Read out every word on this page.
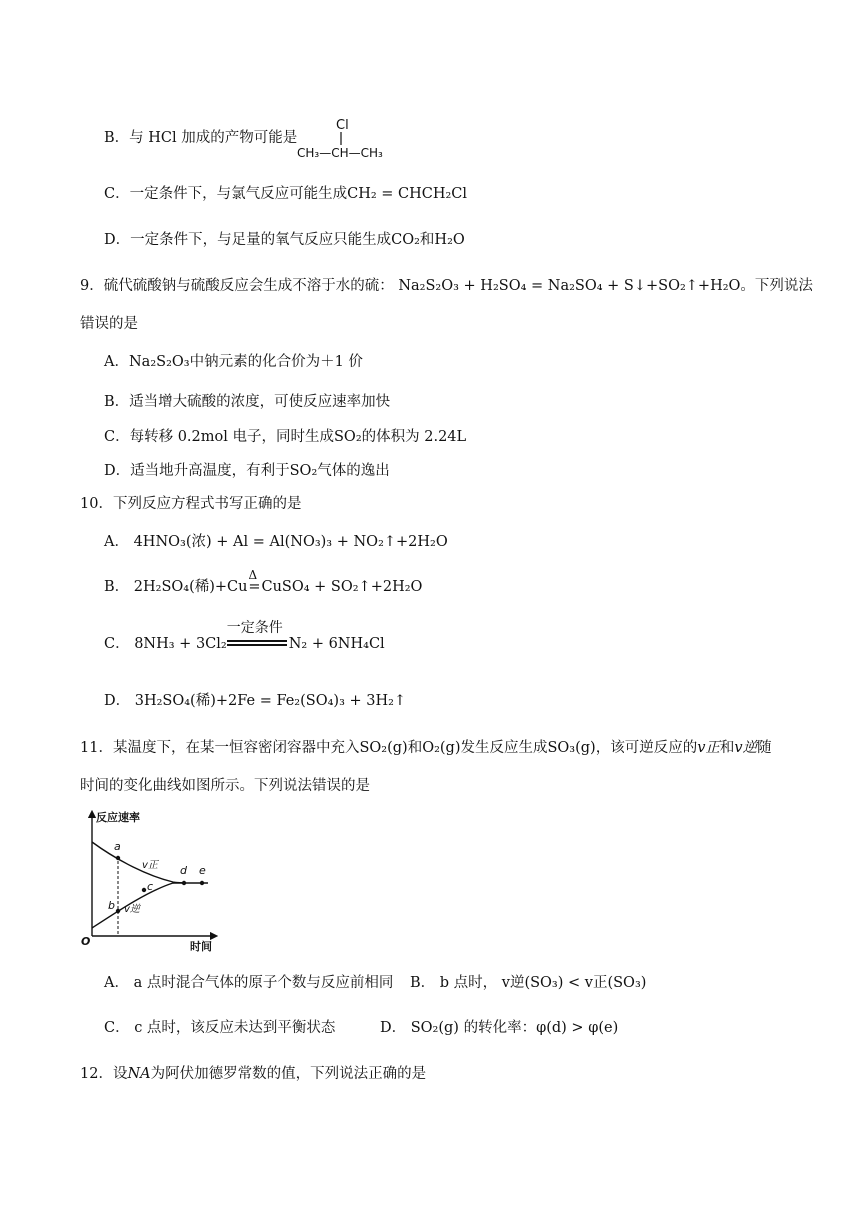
B．与 HCl 加成的产物可能是
Cl
CH₃—CH—CH₃
C．一定条件下，与氯气反应可能生成CH₂ = CHCH₂Cl
D．一定条件下，与足量的氧气反应只能生成CO₂和H₂O
9．硫代硫酸钠与硫酸反应会生成不溶于水的硫： Na₂S₂O₃ + H₂SO₄ = Na₂SO₄ + S↓+SO₂↑+H₂O。下列说法
错误的是
A．Na₂S₂O₃中钠元素的化合价为＋1 价
B．适当增大硫酸的浓度，可使反应速率加快
C．每转移 0.2mol 电子，同时生成SO₂的体积为 2.24L
D．适当地升高温度，有利于SO₂气体的逸出
10．下列反应方程式书写正确的是
A． 4HNO₃(浓) + Al = Al(NO₃)₃ + NO₂↑+2H₂O
B． 2H₂SO₄(稀)+Cu
Δ
=CuSO₄ + SO₂↑+2H₂O
C． 8NH₃ + 3Cl₂
一定条件
N₂ + 6NH₄Cl
D． 3H₂SO₄(稀)+2Fe = Fe₂(SO₄)₃ + 3H₂↑
11．某温度下，在某一恒容密闭容器中充入SO₂(g)和O₂(g)发生反应生成SO₃(g)，该可逆反应的v正和v逆随
时间的变化曲线如图所示。下列说法错误的是
反应速率
时间
O
a
b
c
d e
v正
v逆
A． a 点时混合气体的原子个数与反应前相同 B． b 点时， v逆(SO₃) < v正(SO₃)
C． c 点时，该反应未达到平衡状态	D． SO₂(g) 的转化率：φ(d) > φ(e)
12．设NA为阿伏加德罗常数的值，下列说法正确的是
